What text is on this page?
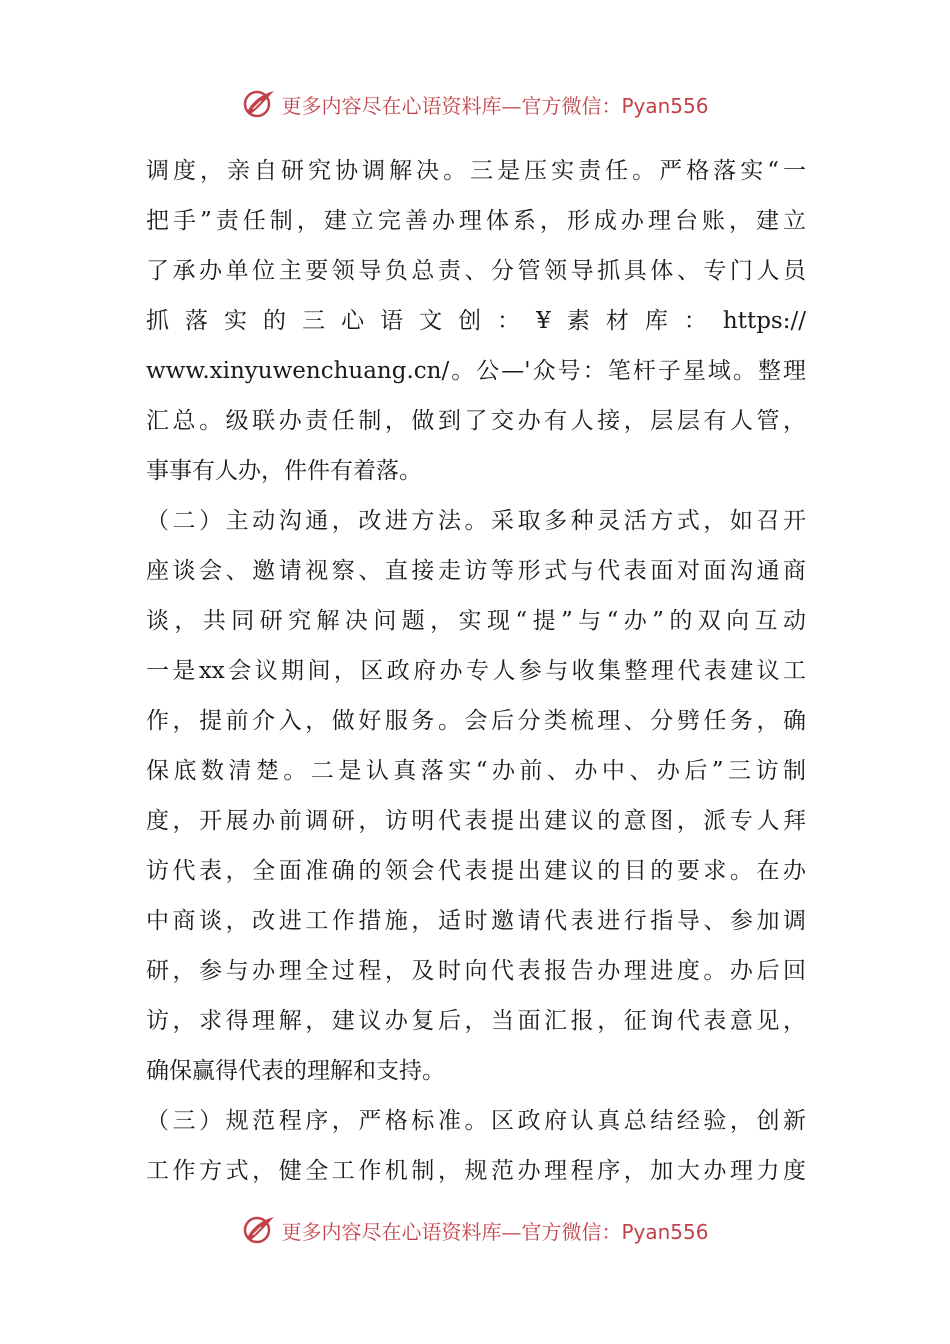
更多内容尽在心语资料库—官方微信：Pyan556
调度，亲自研究协调解决。三是压实责任。严格落实“一
把手”责任制，建立完善办理体系，形成办理台账，建立
了承办单位主要领导负总责、分管领导抓具体、专门人员
抓落实的三心语文创：¥素材库：https://
www.xinyuwenchuang.cn/。公—'众号：笔杆子星域。整理
汇总。级联办责任制，做到了交办有人接，层层有人管，
事事有人办，件件有着落。
（二）主动沟通，改进方法。采取多种灵活方式，如召开
座谈会、邀请视察、直接走访等形式与代表面对面沟通商
谈，共同研究解决问题，实现“提”与“办”的双向互动
一是xx会议期间，区政府办专人参与收集整理代表建议工
作，提前介入，做好服务。会后分类梳理、分劈任务，确
保底数清楚。二是认真落实“办前、办中、办后”三访制
度，开展办前调研，访明代表提出建议的意图，派专人拜
访代表，全面准确的领会代表提出建议的目的要求。在办
中商谈，改进工作措施，适时邀请代表进行指导、参加调
研，参与办理全过程，及时向代表报告办理进度。办后回
访，求得理解，建议办复后，当面汇报，征询代表意见，
确保赢得代表的理解和支持。
（三）规范程序，严格标准。区政府认真总结经验，创新
工作方式，健全工作机制，规范办理程序，加大办理力度
更多内容尽在心语资料库—官方微信：Pyan556
